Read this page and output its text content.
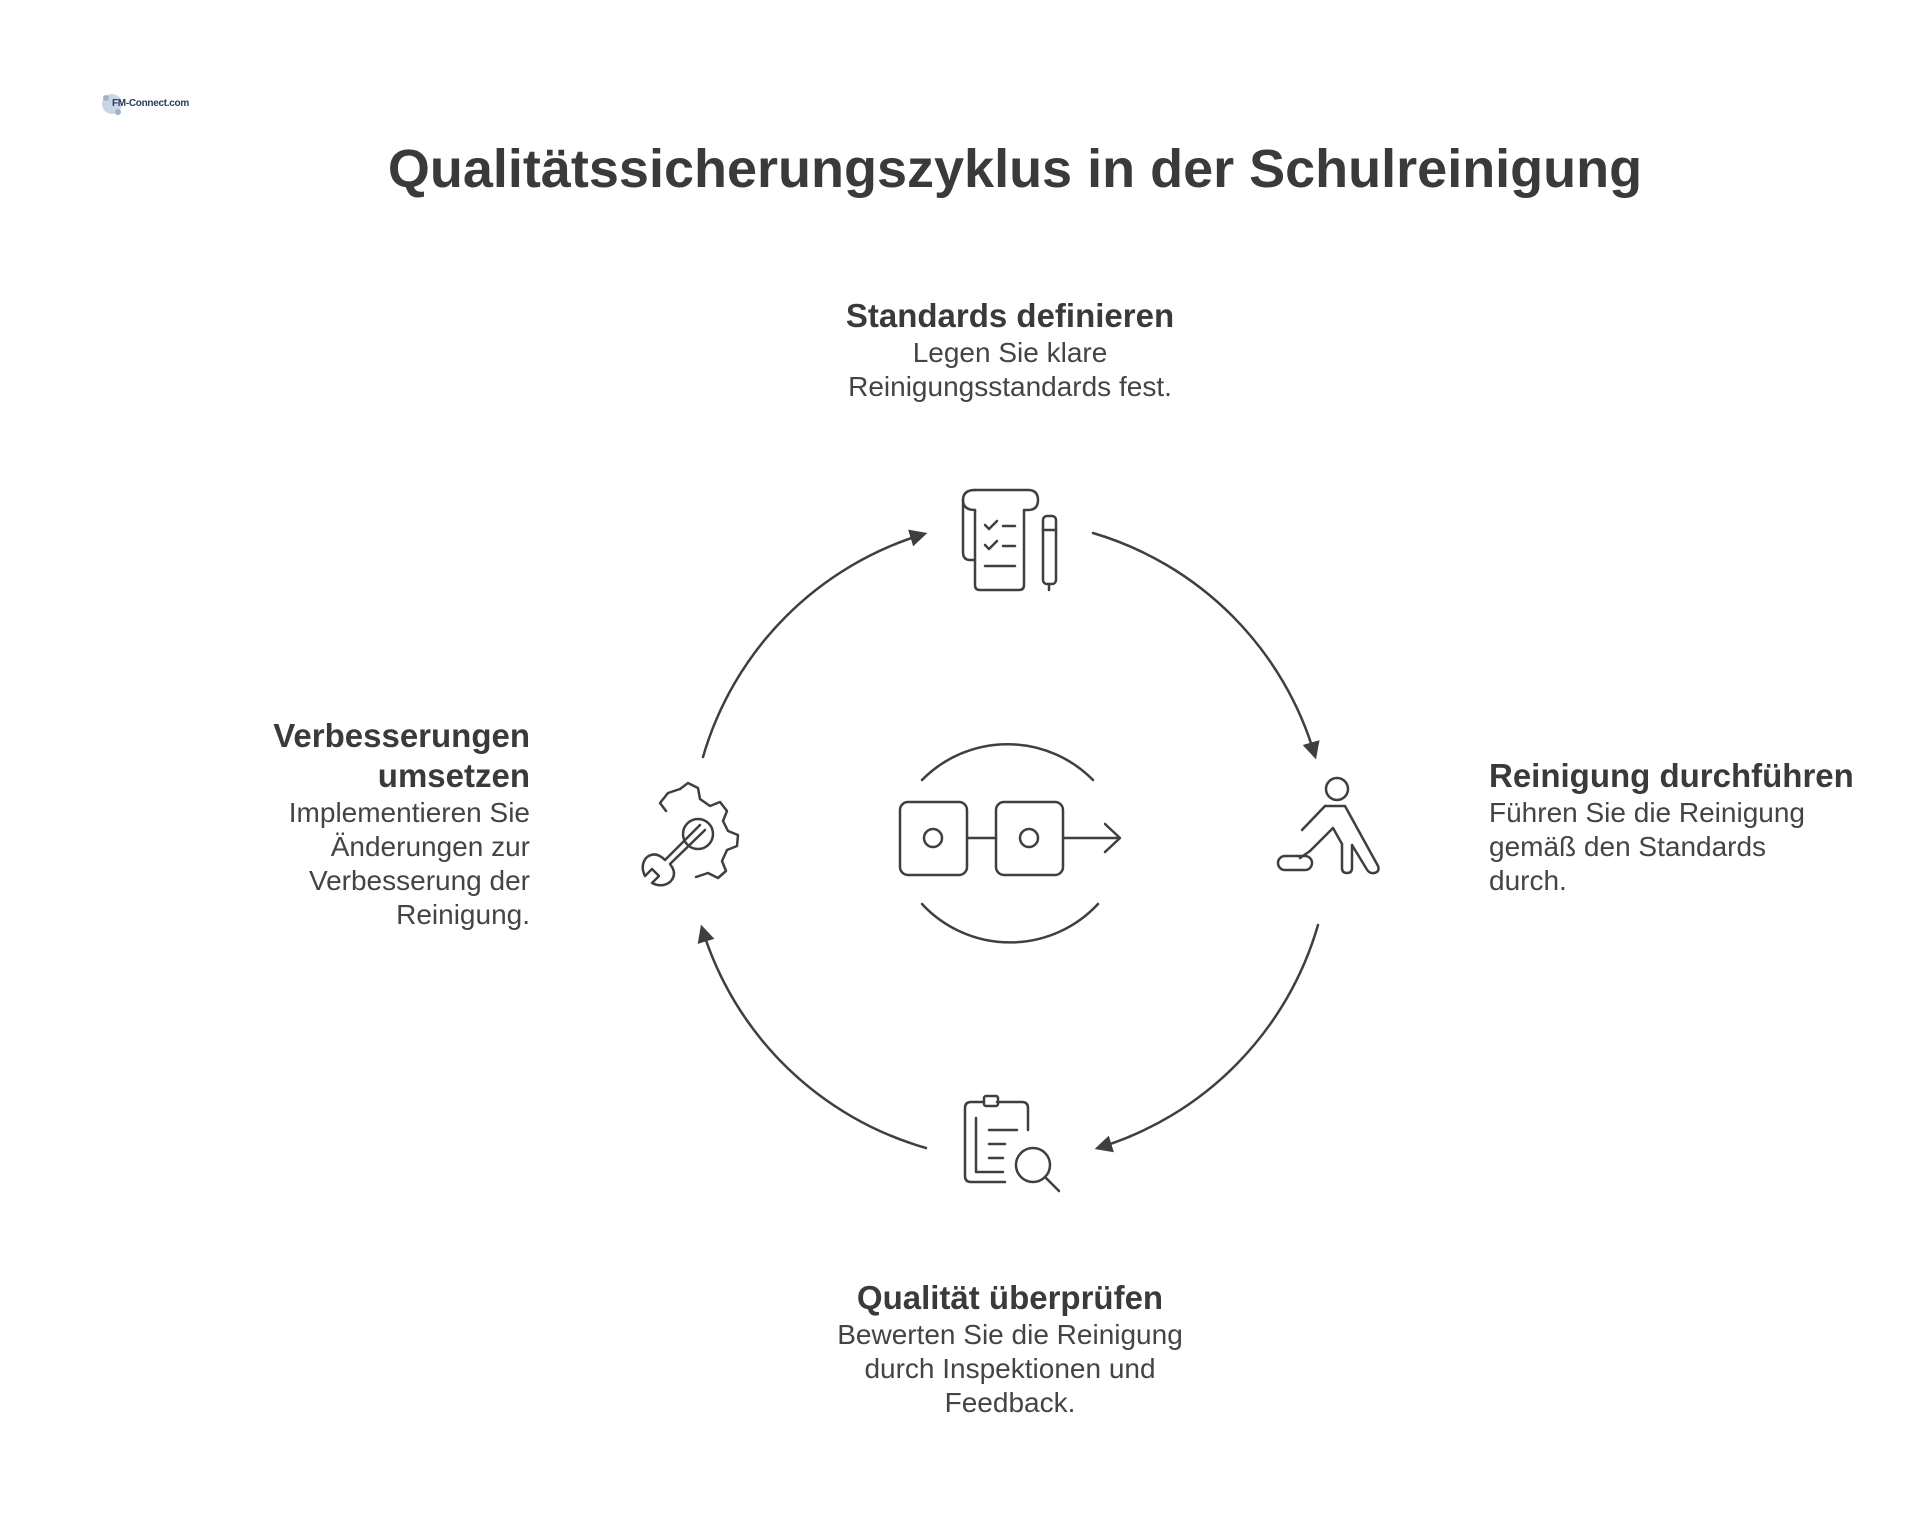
FM-Connect.com
Qualitätssicherungszyklus in der Schulreinigung
Standards definieren
Legen Sie klare
Reinigungsstandards fest.
Reinigung durchführen
Führen Sie die Reinigung
gemäß den Standards
durch.
Qualität überprüfen
Bewerten Sie die Reinigung
durch Inspektionen und
Feedback.
Verbesserungen
umsetzen
Implementieren Sie
Änderungen zur
Verbesserung der
Reinigung.
